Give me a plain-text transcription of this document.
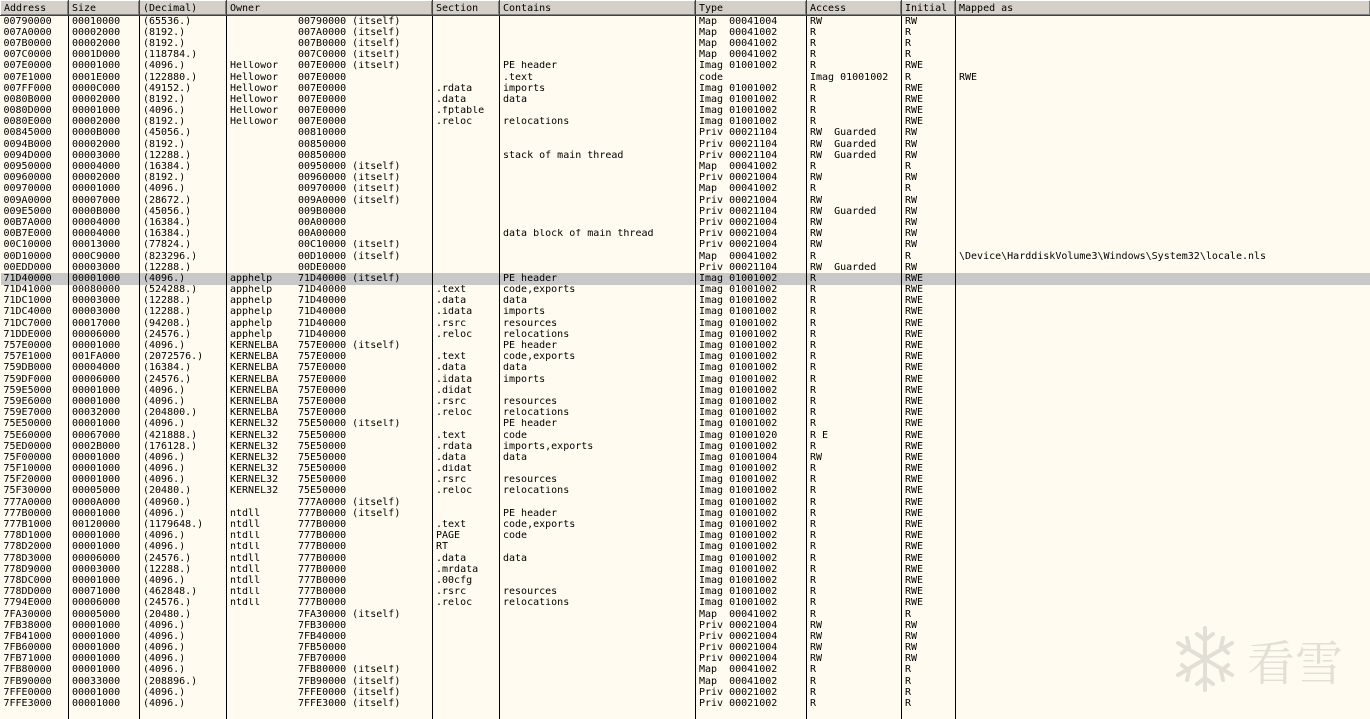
Address	Size	(Decimal)	Owner	Section	Contains	Type	Access	Initial	Mapped as
00790000	00010000	(65536.)	00790000 (itself)			Map  00041004	RW	RW	
007A0000	00002000	(8192.)	007A0000 (itself)			Map  00041002	R	R	
007B0000	00002000	(8192.)	007B0000 (itself)			Map  00041002	R	R	
007C0000	0001D000	(118784.)	007C0000 (itself)			Map  00041002	R	R	
007E0000	00001000	(4096.)	Hellowor 007E0000 (itself)		PE header	Imag 01001002	R	RWE	
007E1000	0001E000	(122880.)	Hellowor 007E0000		.text	code	Imag 01001002	R	RWE
007FF000	0000C000	(49152.)	Hellowor 007E0000	.rdata	imports	Imag 01001002	R	RWE	
0080B000	00002000	(8192.)	Hellowor 007E0000	.data	data	Imag 01001002	R	RWE	
0080D000	00001000	(4096.)	Hellowor 007E0000	.fptable		Imag 01001002	R	RWE	
0080E000	00002000	(8192.)	Hellowor 007E0000	.reloc	relocations	Imag 01001002	R	RWE	
00845000	0000B000	(45056.)	00810000			Priv 00021104	RW  Guarded	RW	
0094B000	00002000	(8192.)	00850000			Priv 00021104	RW  Guarded	RW	
0094D000	00003000	(12288.)	00850000		stack of main thread	Priv 00021104	RW  Guarded	RW	
00950000	00004000	(16384.)	00950000 (itself)			Map  00041002	R	R	
00960000	00002000	(8192.)	00960000 (itself)			Priv 00021004	RW	RW	
00970000	00001000	(4096.)	00970000 (itself)			Map  00041002	R	R	
009A0000	00007000	(28672.)	009A0000 (itself)			Priv 00021004	RW	RW	
009E5000	0000B000	(45056.)	009B0000			Priv 00021104	RW  Guarded	RW	
00B7A000	00004000	(16384.)	00A00000			Priv 00021004	RW	RW	
00B7E000	00004000	(16384.)	00A00000		data block of main thread	Priv 00021004	RW	RW	
00C10000	00013000	(77824.)	00C10000 (itself)			Priv 00021004	RW	RW	
00D10000	000C9000	(823296.)	00D10000 (itself)			Map  00041002	R	R	\Device\HarddiskVolume3\Windows\System32\locale.nls
00EDD000	00003000	(12288.)	00DE0000			Priv 00021104	RW  Guarded	RW	
71D40000	00001000	(4096.)	apphelp 71D40000 (itself)		PE header	Imag 01001002	R	RWE	
71D41000	00080000	(524288.)	apphelp 71D40000	.text	code,exports	Imag 01001002	R	RWE	
71DC1000	00003000	(12288.)	apphelp 71D40000	.data	data	Imag 01001002	R	RWE	
71DC4000	00003000	(12288.)	apphelp 71D40000	.idata	imports	Imag 01001002	R	RWE	
71DC7000	00017000	(94208.)	apphelp 71D40000	.rsrc	resources	Imag 01001002	R	RWE	
71DDE000	00006000	(24576.)	apphelp 71D40000	.reloc	relocations	Imag 01001002	R	RWE	
757E0000	00001000	(4096.)	KERNELBA 757E0000 (itself)		PE header	Imag 01001002	R	RWE	
757E1000	001FA000	(2072576.)	KERNELBA 757E0000	.text	code,exports	Imag 01001002	R	RWE	
759DB000	00004000	(16384.)	KERNELBA 757E0000	.data	data	Imag 01001002	R	RWE	
759DF000	00006000	(24576.)	KERNELBA 757E0000	.idata	imports	Imag 01001002	R	RWE	
759E5000	00001000	(4096.)	KERNELBA 757E0000	.didat		Imag 01001002	R	RWE	
759E6000	00001000	(4096.)	KERNELBA 757E0000	.rsrc	resources	Imag 01001002	R	RWE	
759E7000	00032000	(204800.)	KERNELBA 757E0000	.reloc	relocations	Imag 01001002	R	RWE	
75E50000	00001000	(4096.)	KERNEL32 75E50000 (itself)		PE header	Imag 01001002	R	RWE	
75E60000	00067000	(421888.)	KERNEL32 75E50000	.text	code	Imag 01001020	R E	RWE	
75ED0000	0002B000	(176128.)	KERNEL32 75E50000	.rdata	imports,exports	Imag 01001002	R	RWE	
75F00000	00001000	(4096.)	KERNEL32 75E50000	.data	data	Imag 01001004	RW	RWE	
75F10000	00001000	(4096.)	KERNEL32 75E50000	.didat		Imag 01001002	R	RWE	
75F20000	00001000	(4096.)	KERNEL32 75E50000	.rsrc	resources	Imag 01001002	R	RWE	
75F30000	00005000	(20480.)	KERNEL32 75E50000	.reloc	relocations	Imag 01001002	R	RWE	
777A0000	0000A000	(40960.)	777A0000 (itself)			Imag 01001002	R	RWE	
777B0000	00001000	(4096.)	ntdll 777B0000 (itself)		PE header	Imag 01001002	R	RWE	
777B1000	00120000	(1179648.)	ntdll 777B0000	.text	code,exports	Imag 01001002	R	RWE	
778D1000	00001000	(4096.)	ntdll 777B0000	PAGE	code	Imag 01001002	R	RWE	
778D2000	00001000	(4096.)	ntdll 777B0000	RT		Imag 01001002	R	RWE	
778D3000	00006000	(24576.)	ntdll 777B0000	.data	data	Imag 01001002	R	RWE	
778D9000	00003000	(12288.)	ntdll 777B0000	.mrdata		Imag 01001002	R	RWE	
778DC000	00001000	(4096.)	ntdll 777B0000	.00cfg		Imag 01001002	R	RWE	
778DD000	00071000	(462848.)	ntdll 777B0000	.rsrc	resources	Imag 01001002	R	RWE	
7794E000	00006000	(24576.)	ntdll 777B0000	.reloc	relocations	Imag 01001002	R	RWE	
7FA30000	00005000	(20480.)	7FA30000 (itself)			Map  00041002	R	R	
7FB38000	00001000	(4096.)	7FB30000			Priv 00021004	RW	RW	
7FB41000	00001000	(4096.)	7FB40000			Priv 00021004	RW	RW	
7FB60000	00001000	(4096.)	7FB50000			Priv 00021004	RW	RW	
7FB71000	00001000	(4096.)	7FB70000			Priv 00021004	RW	RW	
7FB80000	00001000	(4096.)	7FB80000 (itself)			Map  00041002	R	R	
7FB90000	00033000	(208896.)	7FB90000 (itself)			Map  00041002	R	R	
7FFE0000	00001000	(4096.)	7FFE0000 (itself)			Priv 00021002	R	R	
7FFE3000	00001000	(4096.)	7FFE3000 (itself)			Priv 00021002	R	R	

看雪
